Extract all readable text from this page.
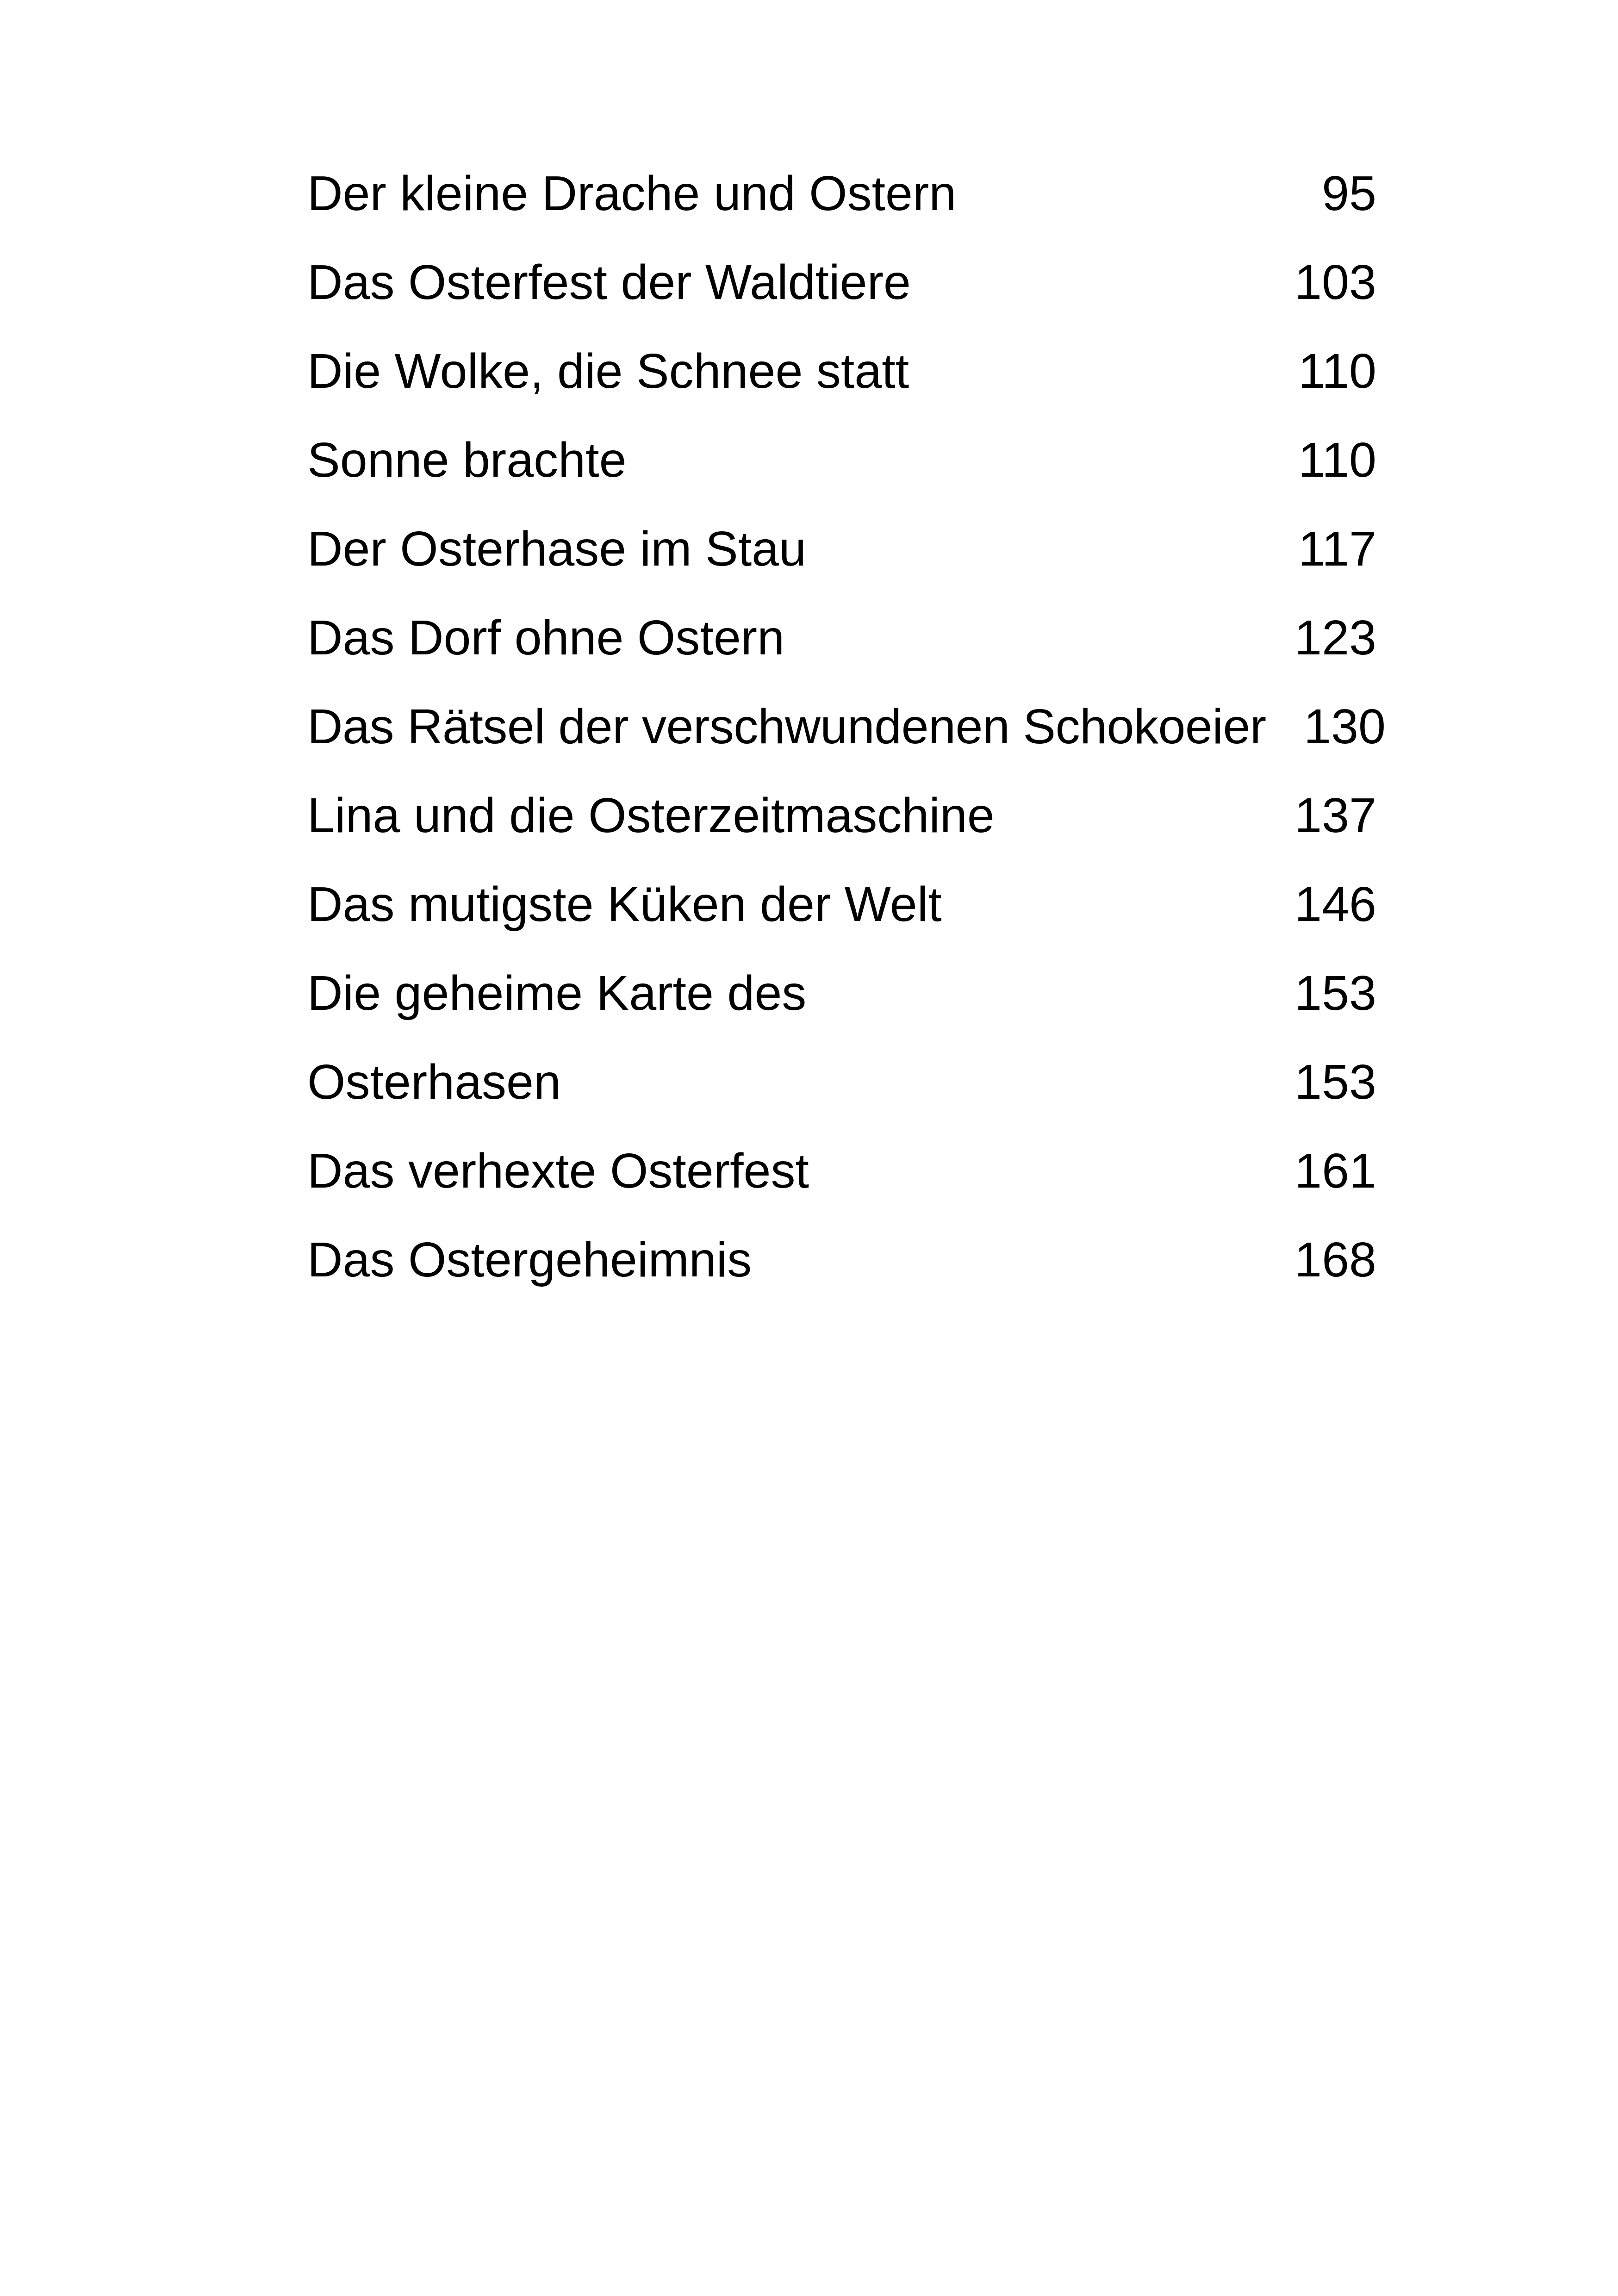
Der kleine Drache und Ostern	95
Das Osterfest der Waldtiere	103
Die Wolke, die Schnee statt	110
Sonne brachte	110
Der Osterhase im Stau	117
Das Dorf ohne Ostern	123
Das Rätsel der verschwundenen Schokoeier 130
Lina und die Osterzeitmaschine	137
Das mutigste Küken der Welt	146
Die geheime Karte des	153
Osterhasen	153
Das verhexte Osterfest	161
Das Ostergeheimnis	168
